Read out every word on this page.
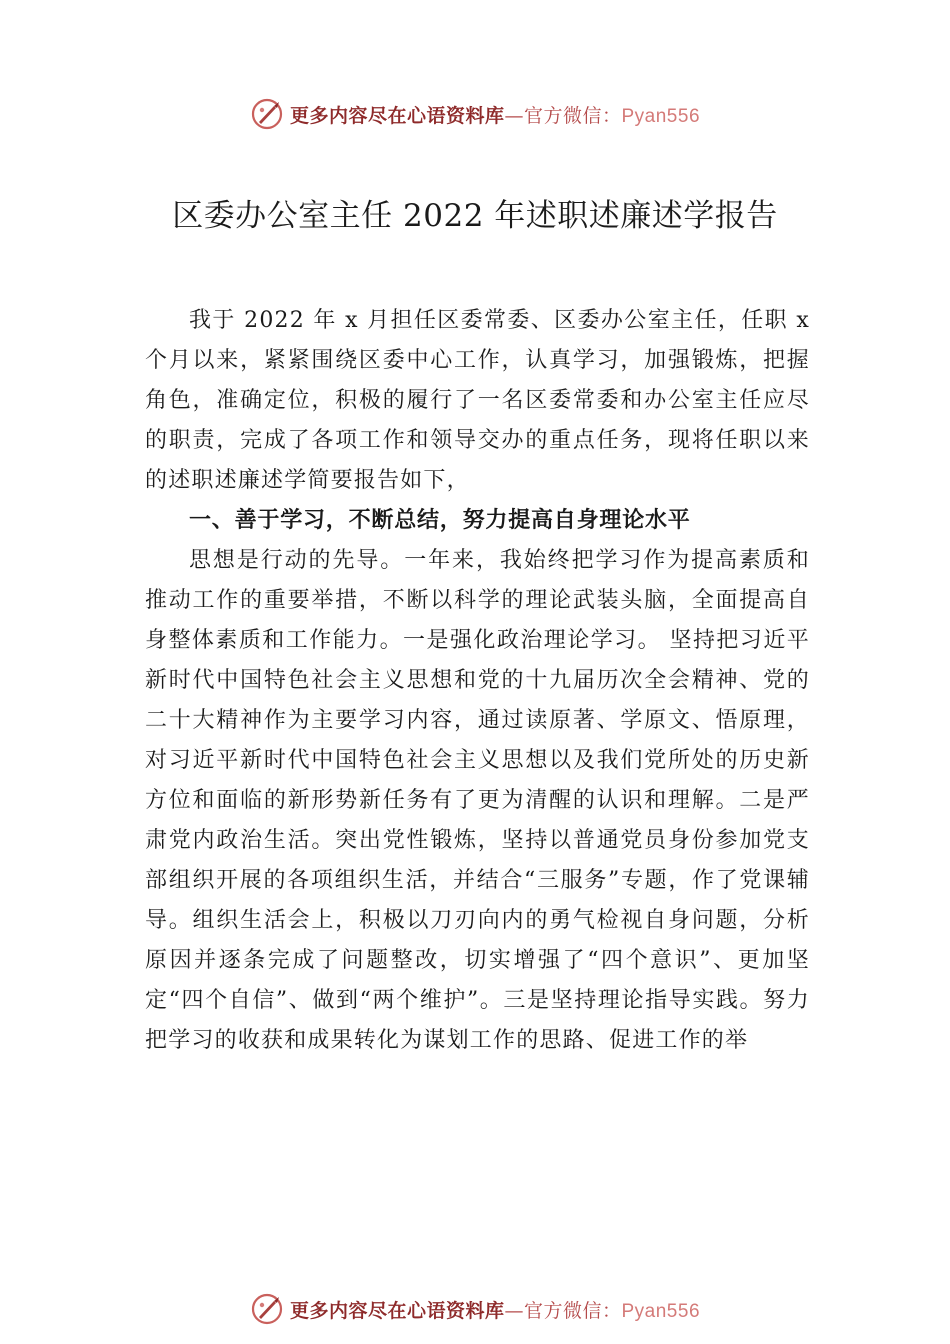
更多内容尽在心语资料库—官方微信：Pyan556
区委办公室主任 2022 年述职述廉述学报告

我于 2022 年 x 月担任区委常委、区委办公室主任，任职 x 个月以来，紧紧围绕区委中心工作，认真学习，加强锻炼，把握角色，准确定位，积极的履行了一名区委常委和办公室主任应尽的职责，完成了各项工作和领导交办的重点任务，现将任职以来的述职述廉述学简要报告如下，

一、善于学习，不断总结，努力提高自身理论水平

思想是行动的先导。一年来，我始终把学习作为提高素质和推动工作的重要举措，不断以科学的理论武装头脑，全面提高自身整体素质和工作能力。一是强化政治理论学习。 坚持把习近平新时代中国特色社会主义思想和党的十九届历次全会精神、党的二十大精神作为主要学习内容，通过读原著、学原文、悟原理，对习近平新时代中国特色社会主义思想以及我们党所处的历史新方位和面临的新形势新任务有了更为清醒的认识和理解。二是严肃党内政治生活。突出党性锻炼，坚持以普通党员身份参加党支部组织开展的各项组织生活，并结合“三服务”专题，作了党课辅导。组织生活会上，积极以刀刃向内的勇气检视自身问题，分析原因并逐条完成了问题整改，切实增强了“四个意识”、更加坚定“四个自信”、做到“两个维护”。三是坚持理论指导实践。努力把学习的收获和成果转化为谋划工作的思路、促进工作的举

更多内容尽在心语资料库—官方微信：Pyan556
